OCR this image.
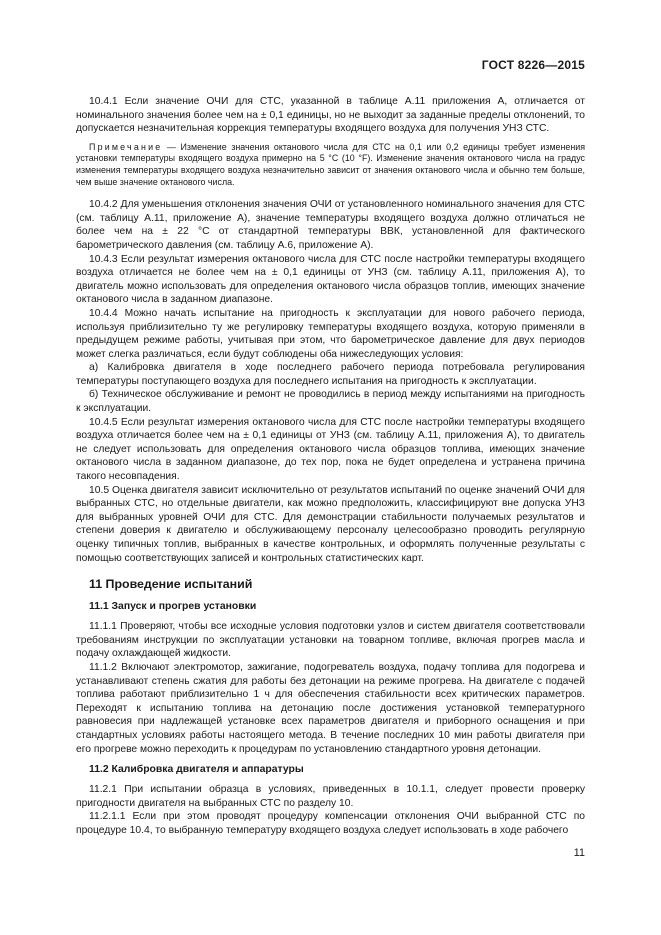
ГОСТ 8226—2015

10.4.1 Если значение ОЧИ для СТС, указанной в таблице А.11 приложения А, отличается от номинального значения более чем на ± 0,1 единицы, но не выходит за заданные пределы отклонений, то допускается незначительная коррекция температуры входящего воздуха для получения УНЗ СТС.

Примечание — Изменение значения октанового числа для СТС на 0,1 или 0,2 единицы требует изменения установки температуры входящего воздуха примерно на 5 °С (10 °F). Изменение значения октанового числа на градус изменения температуры входящего воздуха незначительно зависит от значения октанового числа и обычно тем больше, чем выше значение октанового числа.

10.4.2 Для уменьшения отклонения значения ОЧИ от установленного номинального значения для СТС (см. таблицу А.11, приложение А), значение температуры входящего воздуха должно отличаться не более чем на ± 22 °С от стандартной температуры ВВК, установленной для фактического барометрического давления (см. таблицу А.6, приложение А).

10.4.3 Если результат измерения октанового числа для СТС после настройки температуры входящего воздуха отличается не более чем на ± 0,1 единицы от УНЗ (см. таблицу А.11, приложения А), то двигатель можно использовать для определения октанового числа образцов топлив, имеющих значение октанового числа в заданном диапазоне.

10.4.4 Можно начать испытание на пригодность к эксплуатации для нового рабочего периода, используя приблизительно ту же регулировку температуры входящего воздуха, которую применяли в предыдущем режиме работы, учитывая при этом, что барометрическое давление для двух периодов может слегка различаться, если будут соблюдены оба нижеследующих условия:

а) Калибровка двигателя в ходе последнего рабочего периода потребовала регулирования температуры поступающего воздуха для последнего испытания на пригодность к эксплуатации.

б) Техническое обслуживание и ремонт не проводились в период между испытаниями на пригодность к эксплуатации.

10.4.5 Если результат измерения октанового числа для СТС после настройки температуры входящего воздуха отличается более чем на ± 0,1 единицы от УНЗ (см. таблицу А.11, приложения А), то двигатель не следует использовать для определения октанового числа образцов топлива, имеющих значение октанового числа в заданном диапазоне, до тех пор, пока не будет определена и устранена причина такого несовпадения.

10.5 Оценка двигателя зависит исключительно от результатов испытаний по оценке значений ОЧИ для выбранных СТС, но отдельные двигатели, как можно предположить, классифицируют вне допуска УНЗ для выбранных уровней ОЧИ для СТС. Для демонстрации стабильности получаемых результатов и степени доверия к двигателю и обслуживающему персоналу целесообразно проводить регулярную оценку типичных топлив, выбранных в качестве контрольных, и оформлять полученные результаты с помощью соответствующих записей и контрольных статистических карт.

11 Проведение испытаний
11.1 Запуск и прогрев установки

11.1.1 Проверяют, чтобы все исходные условия подготовки узлов и систем двигателя соответствовали требованиям инструкции по эксплуатации установки на товарном топливе, включая прогрев масла и подачу охлаждающей жидкости.

11.1.2 Включают электромотор, зажигание, подогреватель воздуха, подачу топлива для подогрева и устанавливают степень сжатия для работы без детонации на режиме прогрева. На двигателе с подачей топлива работают приблизительно 1 ч для обеспечения стабильности всех критических параметров. Переходят к испытанию топлива на детонацию после достижения установкой температурного равновесия при надлежащей установке всех параметров двигателя и приборного оснащения и при стандартных условиях работы настоящего метода. В течение последних 10 мин работы двигателя при его прогреве можно переходить к процедурам по установлению стандартного уровня детонации.

11.2 Калибровка двигателя и аппаратуры

11.2.1 При испытании образца в условиях, приведенных в 10.1.1, следует провести проверку пригодности двигателя на выбранных СТС по разделу 10.

11.2.1.1 Если при этом проводят процедуру компенсации отклонения ОЧИ выбранной СТС по процедуре 10.4, то выбранную температуру входящего воздуха следует использовать в ходе рабочего

11
